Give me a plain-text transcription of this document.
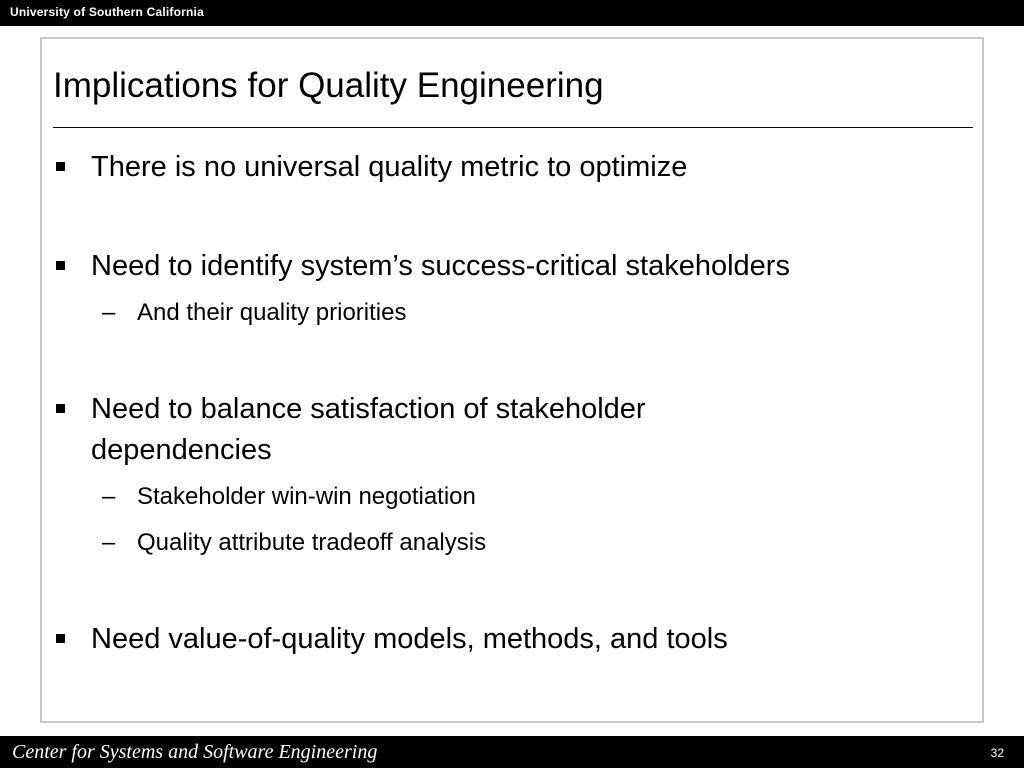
University of Southern California
Implications for Quality Engineering
There is no universal quality metric to optimize
Need to identify system’s success-critical stakeholders
– And their quality priorities
Need to balance satisfaction of stakeholder dependencies
– Stakeholder win-win negotiation
– Quality attribute tradeoff analysis
Need value-of-quality models, methods, and tools
Center for Systems and Software Engineering	32
